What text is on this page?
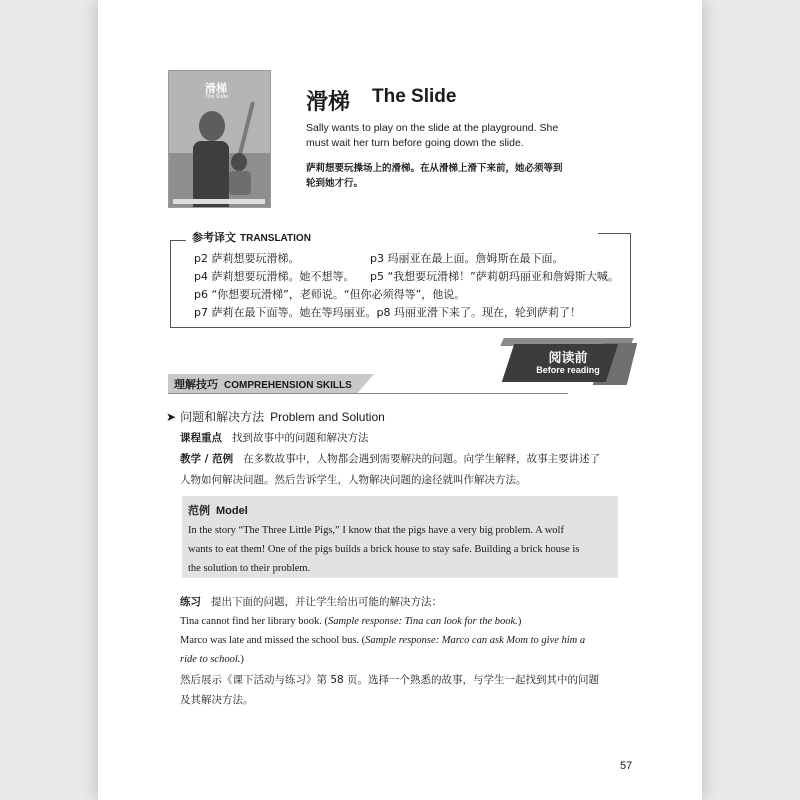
滑梯
The Slide	滑梯 The Slide
Sally wants to play on the slide at the playground. She must wait her turn before going down the slide.
萨莉想要玩操场上的滑梯。在从滑梯上滑下来前，她必须等到轮到她才行。
参考译文 TRANSLATION
p2 萨莉想要玩滑梯。	p3 玛丽亚在最上面。詹姆斯在最下面。
p4 萨莉想要玩滑梯。她不想等。 p5 “我想要玩滑梯！”萨莉朝玛丽亚和詹姆斯大喊。
p6 “你想要玩滑梯”，老师说。“但你必须得等”，他说。
p7 萨莉在最下面等。她在等玛丽亚。p8 玛丽亚滑下来了。现在，轮到萨莉了！
阅读前
Before reading
理解技巧 COMPREHENSION SKILLS
➤ 问题和解决方法 Problem and Solution
课程重点 找到故事中的问题和解决方法
教学 / 范例 在多数故事中，人物都会遇到需要解决的问题。向学生解释，故事主要讲述了
人物如何解决问题。然后告诉学生，人物解决问题的途径就叫作解决方法。
范例 Model
In the story “The Three Little Pigs,” I know that the pigs have a very big problem. A wolf
wants to eat them! One of the pigs builds a brick house to stay safe. Building a brick house is
the solution to their problem.
练习 提出下面的问题，并让学生给出可能的解决方法：
Tina cannot find her library book. (Sample response: Tina can look for the book.)
Marco was late and missed the school bus. (Sample response: Marco can ask Mom to give him a
ride to school.)
然后展示《课下活动与练习》第 58 页。选择一个熟悉的故事，与学生一起找到其中的问题
及其解决方法。
57
